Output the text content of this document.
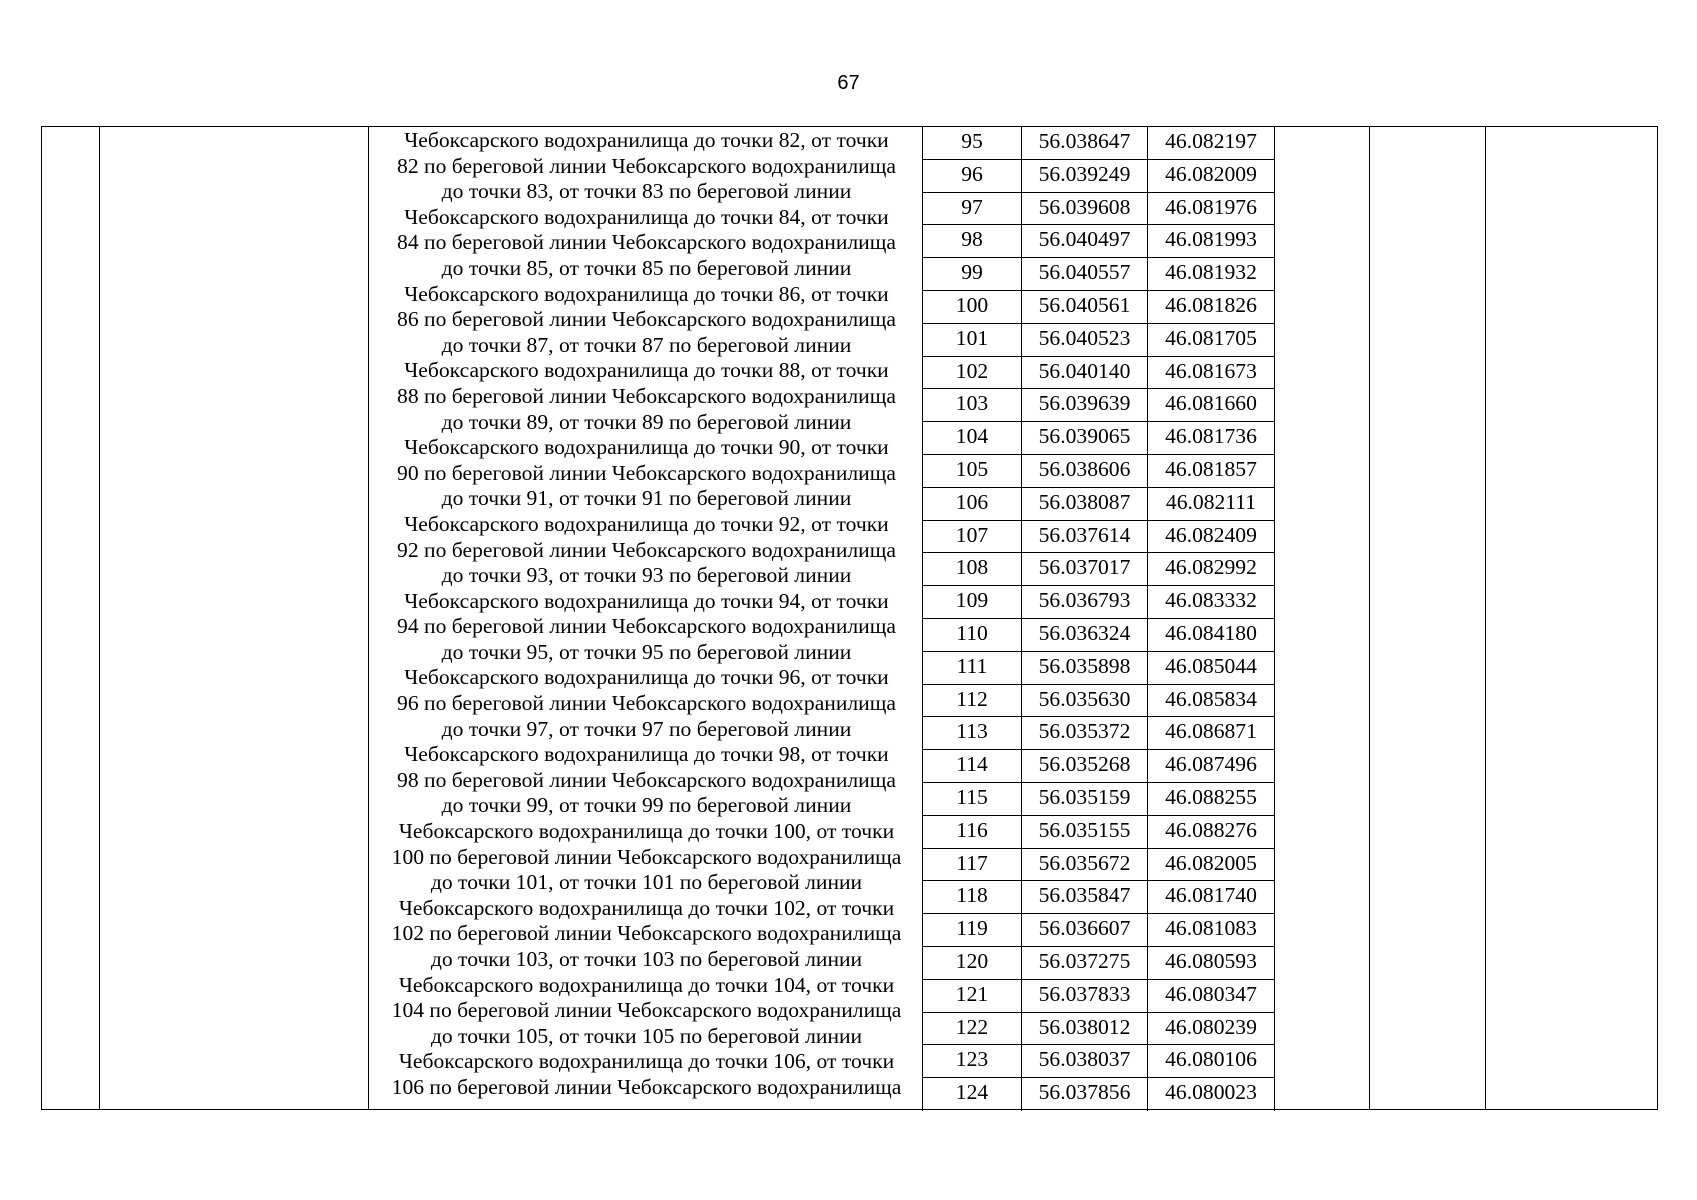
67
Чебоксарского водохранилища до точки 82, от точки
82 по береговой линии Чебоксарского водохранилища
до точки 83, от точки 83 по береговой линии
Чебоксарского водохранилища до точки 84, от точки
84 по береговой линии Чебоксарского водохранилища
до точки 85, от точки 85 по береговой линии
Чебоксарского водохранилища до точки 86, от точки
86 по береговой линии Чебоксарского водохранилища
до точки 87, от точки 87 по береговой линии
Чебоксарского водохранилища до точки 88, от точки
88 по береговой линии Чебоксарского водохранилища
до точки 89, от точки 89 по береговой линии
Чебоксарского водохранилища до точки 90, от точки
90 по береговой линии Чебоксарского водохранилища
до точки 91, от точки 91 по береговой линии
Чебоксарского водохранилища до точки 92, от точки
92 по береговой линии Чебоксарского водохранилища
до точки 93, от точки 93 по береговой линии
Чебоксарского водохранилища до точки 94, от точки
94 по береговой линии Чебоксарского водохранилища
до точки 95, от точки 95 по береговой линии
Чебоксарского водохранилища до точки 96, от точки
96 по береговой линии Чебоксарского водохранилища
до точки 97, от точки 97 по береговой линии
Чебоксарского водохранилища до точки 98, от точки
98 по береговой линии Чебоксарского водохранилища
до точки 99, от точки 99 по береговой линии
Чебоксарского водохранилища до точки 100, от точки
100 по береговой линии Чебоксарского водохранилища
до точки 101, от точки 101 по береговой линии
Чебоксарского водохранилища до точки 102, от точки
102 по береговой линии Чебоксарского водохранилища
до точки 103, от точки 103 по береговой линии
Чебоксарского водохранилища до точки 104, от точки
104 по береговой линии Чебоксарского водохранилища
до точки 105, от точки 105 по береговой линии
Чебоксарского водохранилища до точки 106, от точки
106 по береговой линии Чебоксарского водохранилища
95	56.038647	46.082197
96	56.039249	46.082009
97	56.039608	46.081976
98	56.040497	46.081993
99	56.040557	46.081932
100	56.040561	46.081826
101	56.040523	46.081705
102	56.040140	46.081673
103	56.039639	46.081660
104	56.039065	46.081736
105	56.038606	46.081857
106	56.038087	46.082111
107	56.037614	46.082409
108	56.037017	46.082992
109	56.036793	46.083332
110	56.036324	46.084180
111	56.035898	46.085044
112	56.035630	46.085834
113	56.035372	46.086871
114	56.035268	46.087496
115	56.035159	46.088255
116	56.035155	46.088276
117	56.035672	46.082005
118	56.035847	46.081740
119	56.036607	46.081083
120	56.037275	46.080593
121	56.037833	46.080347
122	56.038012	46.080239
123	56.038037	46.080106
124	56.037856	46.080023
